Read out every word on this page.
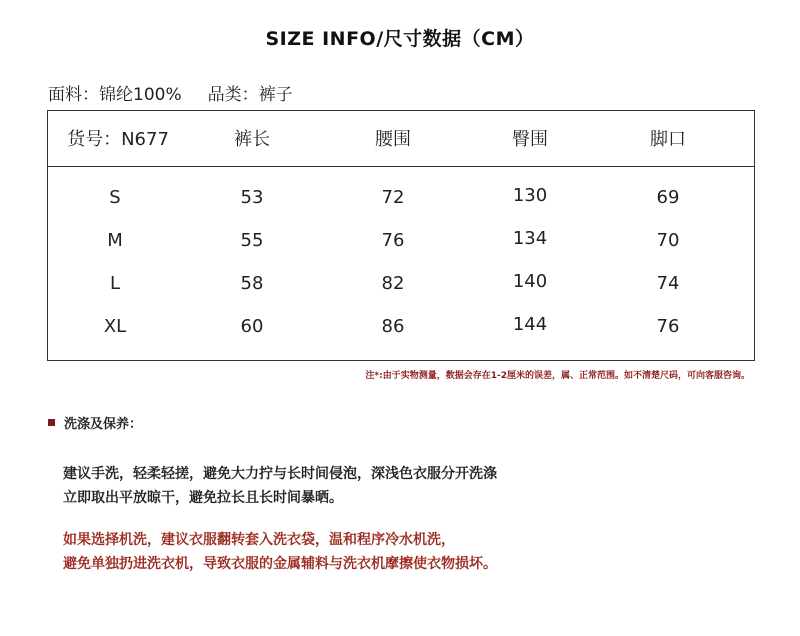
SIZE INFO/尺寸数据（CM）
面料：锦纶100% 品类：裤子
货号：N677	裤长	腰围	臀围	脚口
S	53	72	130	69
M	55	76	134	70
L	58	82	140	74
XL	60	86	144	76
注*:由于实物测量，数据会存在1-2厘米的误差，属、正常范围。如不清楚尺码，可向客服咨询。
洗涤及保养：
建议手洗，轻柔轻搓，避免大力拧与长时间侵泡，深浅色衣服分开洗涤
立即取出平放晾干，避免拉长且长时间暴晒。
如果选择机洗，建议衣服翻转套入洗衣袋，温和程序冷水机洗，
避免单独扔进洗衣机，导致衣服的金属辅料与洗衣机摩擦使衣物损坏。
